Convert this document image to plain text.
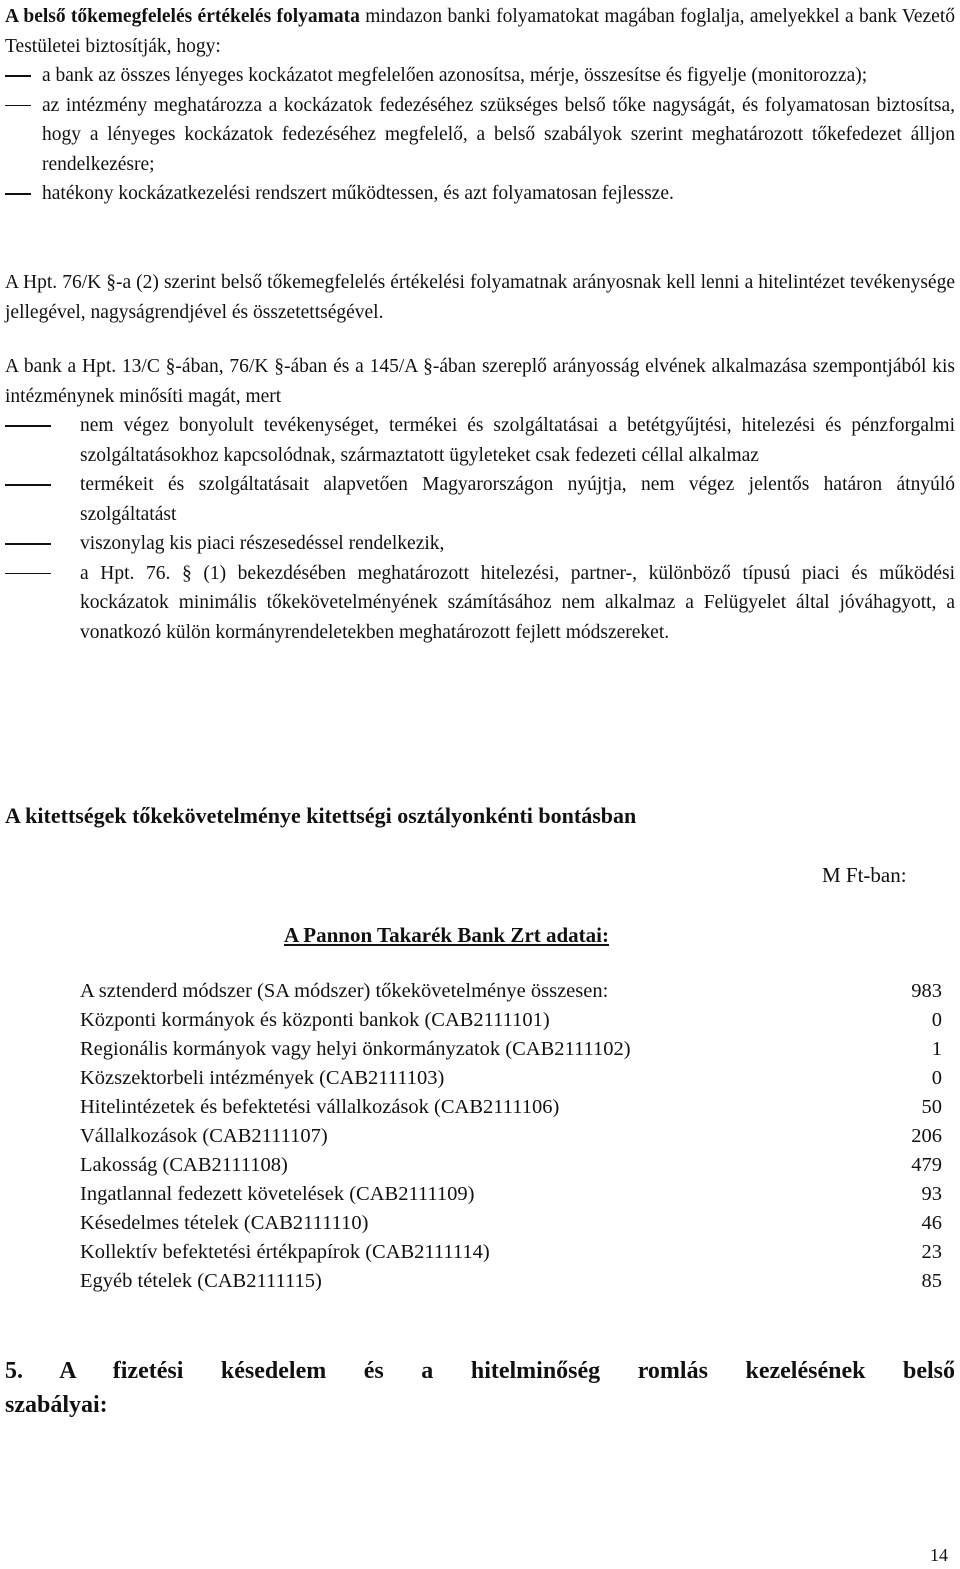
A belső tőkemegfelelés értékelés folyamata mindazon banki folyamatokat magában foglalja, amelyekkel a bank Vezető Testületei biztosítják, hogy:
a bank az összes lényeges kockázatot megfelelően azonosítsa, mérje, összesítse és figyelje (monitorozza);
az intézmény meghatározza a kockázatok fedezéséhez szükséges belső tőke nagyságát, és folyamatosan biztosítsa, hogy a lényeges kockázatok fedezéséhez megfelelő, a belső szabályok szerint meghatározott tőkefedezet álljon rendelkezésre;
hatékony kockázatkezelési rendszert működtessen, és azt folyamatosan fejlessze.
A Hpt. 76/K §-a (2) szerint belső tőkemegfelelés értékelési folyamatnak arányosnak kell lenni a hitelintézet tevékenysége jellegével, nagyságrendjével és összetettségével.
A bank a Hpt. 13/C §-ában, 76/K §-ában és a 145/A §-ában szereplő arányosság elvének alkalmazása szempontjából kis intézménynek minősíti magát, mert
nem végez bonyolult tevékenységet, termékei és szolgáltatásai a betétgyűjtési, hitelezési és pénzforgalmi szolgáltatásokhoz kapcsolódnak, származtatott ügyleteket csak fedezeti céllal alkalmaz
termékeit és szolgáltatásait alapvetően Magyarországon nyújtja, nem végez jelentős határon átnyúló szolgáltatást
viszonylag kis piaci részesedéssel rendelkezik,
a Hpt. 76. § (1) bekezdésében meghatározott hitelezési, partner-, különböző típusú piaci és működési kockázatok minimális tőkekövetelményének számításához nem alkalmaz a Felügyelet által jóváhagyott, a vonatkozó külön kormányrendeletekben meghatározott fejlett módszereket.
A kitettségek tőkekövetelménye kitettségi osztályonkénti bontásban
M Ft-ban:
A Pannon Takarék Bank Zrt adatai:
A sztenderd módszer (SA módszer) tőkekövetelménye összesen:	983
Központi kormányok és központi bankok (CAB2111101)	0
Regionális kormányok vagy helyi önkormányzatok (CAB2111102)	1
Közszektorbeli intézmények (CAB2111103)	0
Hitelintézetek és befektetési vállalkozások (CAB2111106)	50
Vállalkozások (CAB2111107)	206
Lakosság (CAB2111108)	479
Ingatlannal fedezett követelések (CAB2111109)	93
Késedelmes tételek (CAB2111110)	46
Kollektív befektetési értékpapírok (CAB2111114)	23
Egyéb tételek (CAB2111115)	85
5. A fizetési késedelem és a hitelminőség romlás kezelésének belső
szabályai:
14
